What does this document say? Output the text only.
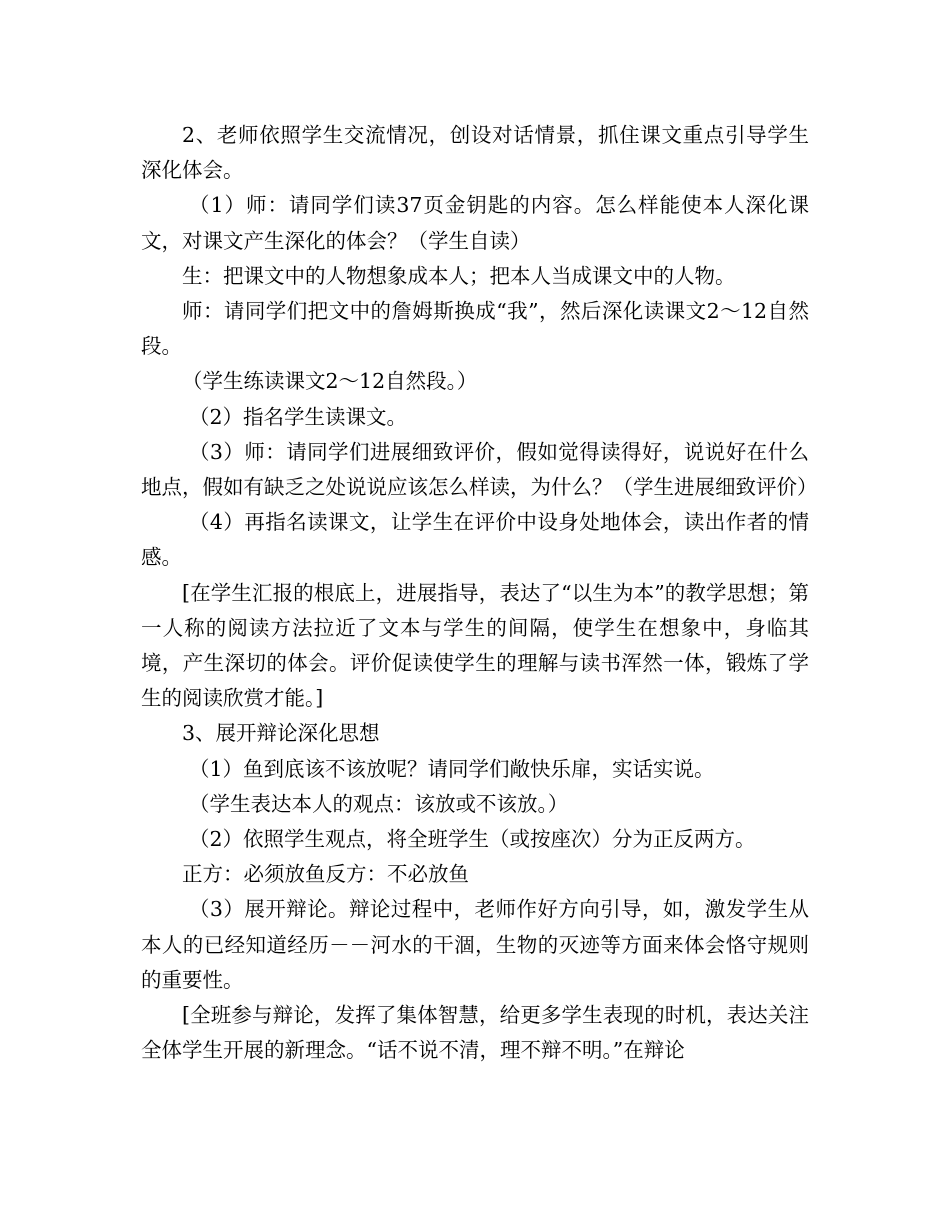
2、老师依照学生交流情况，创设对话情景，抓住课文重点引导学生深化体会。

（1）师：请同学们读37页金钥匙的内容。怎么样能使本人深化课文，对课文产生深化的体会？（学生自读）

生：把课文中的人物想象成本人；把本人当成课文中的人物。

师：请同学们把文中的詹姆斯换成“我”，然后深化读课文2～12自然段。

（学生练读课文2～12自然段。）

（2）指名学生读课文。

（3）师：请同学们进展细致评价，假如觉得读得好，说说好在什么地点，假如有缺乏之处说说应该怎么样读，为什么？（学生进展细致评价）

（4）再指名读课文，让学生在评价中设身处地体会，读出作者的情感。

[在学生汇报的根底上，进展指导，表达了“以生为本”的教学思想；第一人称的阅读方法拉近了文本与学生的间隔，使学生在想象中，身临其境，产生深切的体会。评价促读使学生的理解与读书浑然一体，锻炼了学生的阅读欣赏才能。]

3、展开辩论深化思想

（1）鱼到底该不该放呢？请同学们敞快乐扉，实话实说。

（学生表达本人的观点：该放或不该放。）

（2）依照学生观点，将全班学生（或按座次）分为正反两方。

正方：必须放鱼反方：不必放鱼

（3）展开辩论。辩论过程中，老师作好方向引导，如，激发学生从本人的已经知道经历－－河水的干涸，生物的灭迹等方面来体会恪守规则的重要性。

[全班参与辩论，发挥了集体智慧，给更多学生表现的时机，表达关注全体学生开展的新理念。“话不说不清，理不辩不明。”在辩论
